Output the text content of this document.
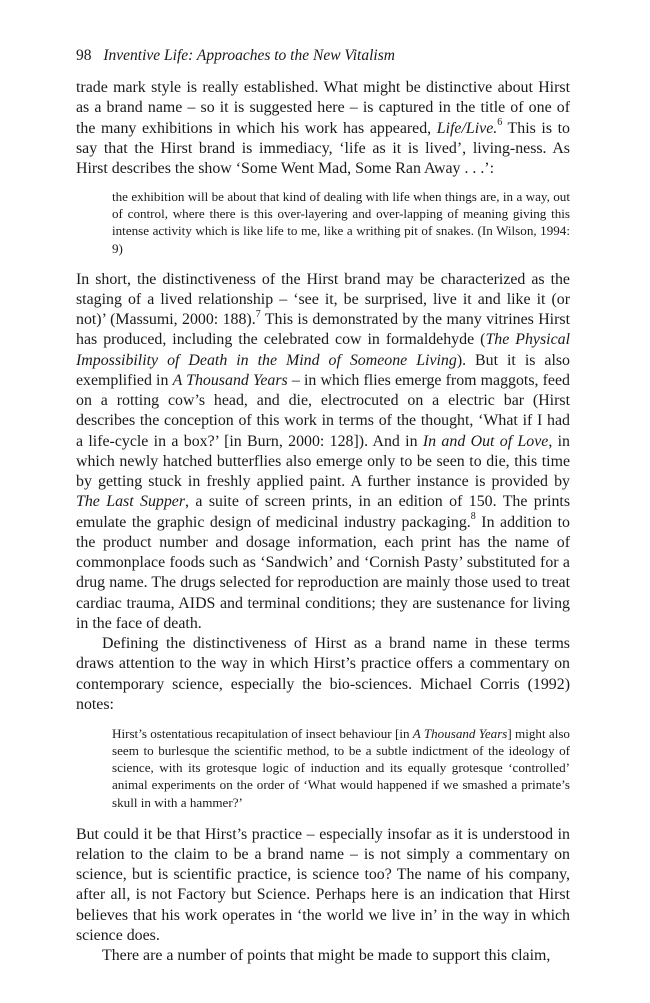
98 Inventive Life: Approaches to the New Vitalism

trade mark style is really established. What might be distinctive about Hirst as a brand name – so it is suggested here – is captured in the title of one of the many exhibitions in which his work has appeared, Life/Live.$^6$ This is to say that the Hirst brand is immediacy, ‘life as it is lived’, living-ness. As Hirst describes the show ‘Some Went Mad, Some Ran Away . . .’:

the exhibition will be about that kind of dealing with life when things are, in a way, out of control, where there is this over-layering and over-lapping of meaning giving this intense activity which is like life to me, like a writhing pit of snakes. (In Wilson, 1994: 9)

In short, the distinctiveness of the Hirst brand may be characterized as the staging of a lived relationship – ‘see it, be surprised, live it and like it (or not)’ (Massumi, 2000: 188).$^7$ This is demonstrated by the many vitrines Hirst has produced, including the celebrated cow in formaldehyde (The Physical Impossibility of Death in the Mind of Someone Living). But it is also exemplified in A Thousand Years – in which flies emerge from maggots, feed on a rotting cow’s head, and die, electrocuted on a electric bar (Hirst describes the conception of this work in terms of the thought, ‘What if I had a life-cycle in a box?’ [in Burn, 2000: 128]). And in In and Out of Love, in which newly hatched butterflies also emerge only to be seen to die, this time by getting stuck in freshly applied paint. A further instance is provided by The Last Supper, a suite of screen prints, in an edition of 150. The prints emulate the graphic design of medicinal industry packaging.$^8$ In addition to the product number and dosage information, each print has the name of commonplace foods such as ‘Sandwich’ and ‘Cornish Pasty’ substituted for a drug name. The drugs selected for reproduction are mainly those used to treat cardiac trauma, AIDS and terminal conditions; they are sustenance for living in the face of death.

Defining the distinctiveness of Hirst as a brand name in these terms draws attention to the way in which Hirst’s practice offers a commentary on contemporary science, especially the bio-sciences. Michael Corris (1992) notes:

Hirst’s ostentatious recapitulation of insect behaviour [in A Thousand Years] might also seem to burlesque the scientific method, to be a subtle indictment of the ideology of science, with its grotesque logic of induction and its equally grotesque ‘controlled’ animal experiments on the order of ‘What would happened if we smashed a primate’s skull in with a hammer?’

But could it be that Hirst’s practice – especially insofar as it is understood in relation to the claim to be a brand name – is not simply a commentary on science, but is scientific practice, is science too? The name of his company, after all, is not Factory but Science. Perhaps here is an indication that Hirst believes that his work operates in ‘the world we live in’ in the way in which science does.

There are a number of points that might be made to support this claim,
